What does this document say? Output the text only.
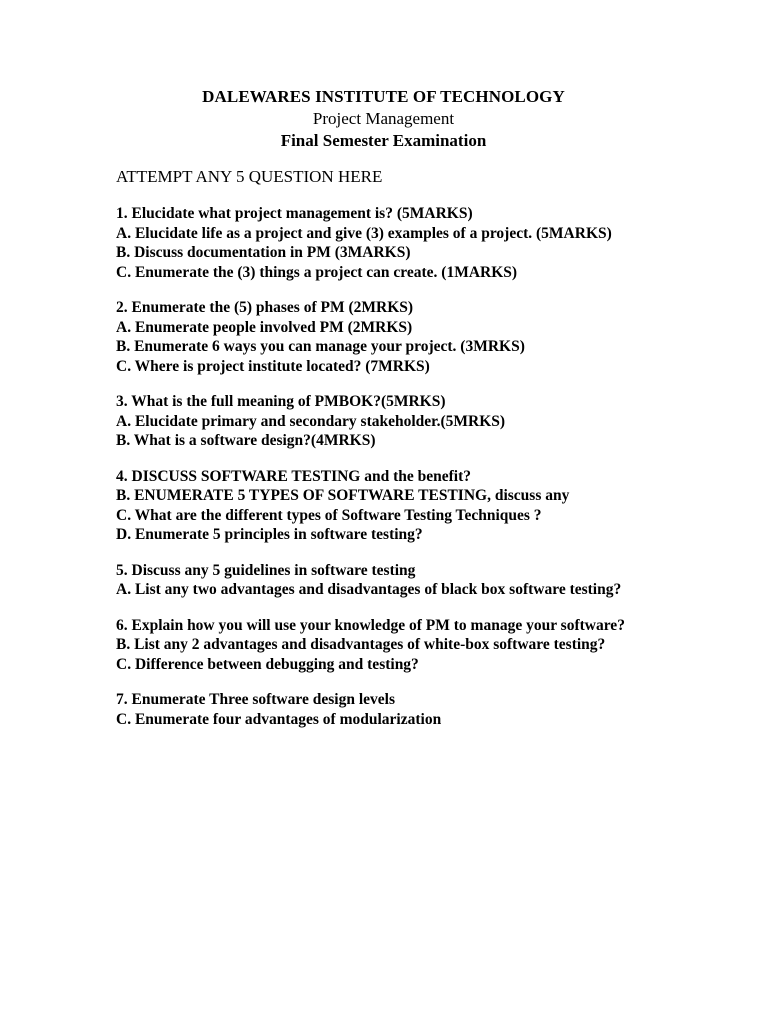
DALEWARES INSTITUTE OF TECHNOLOGY
Project Management
Final Semester Examination
ATTEMPT ANY 5 QUESTION HERE
1. Elucidate what project management is? (5MARKS)
A. Elucidate life as a project and give (3) examples of a project. (5MARKS)
B. Discuss documentation in PM (3MARKS)
C. Enumerate the (3) things a project can create. (1MARKS)
2. Enumerate the (5) phases of PM (2MRKS)
A. Enumerate people involved PM (2MRKS)
B. Enumerate 6 ways you can manage your project. (3MRKS)
C. Where is project institute located? (7MRKS)
3. What is the full meaning of PMBOK?(5MRKS)
A. Elucidate primary and secondary stakeholder.(5MRKS)
B. What is a software design?(4MRKS)
4. DISCUSS SOFTWARE TESTING and the benefit?
B. ENUMERATE 5 TYPES OF SOFTWARE TESTING, discuss any
C. What are the different types of Software Testing Techniques ?
D. Enumerate 5 principles in software testing?
5. Discuss any 5 guidelines in software testing
A. List any two advantages and disadvantages of black box software testing?
6. Explain how you will use your knowledge of PM to manage your software?
B. List any 2 advantages and disadvantages of white-box software testing?
C. Difference between debugging and testing?
7. Enumerate Three software design levels
C. Enumerate four advantages of modularization
